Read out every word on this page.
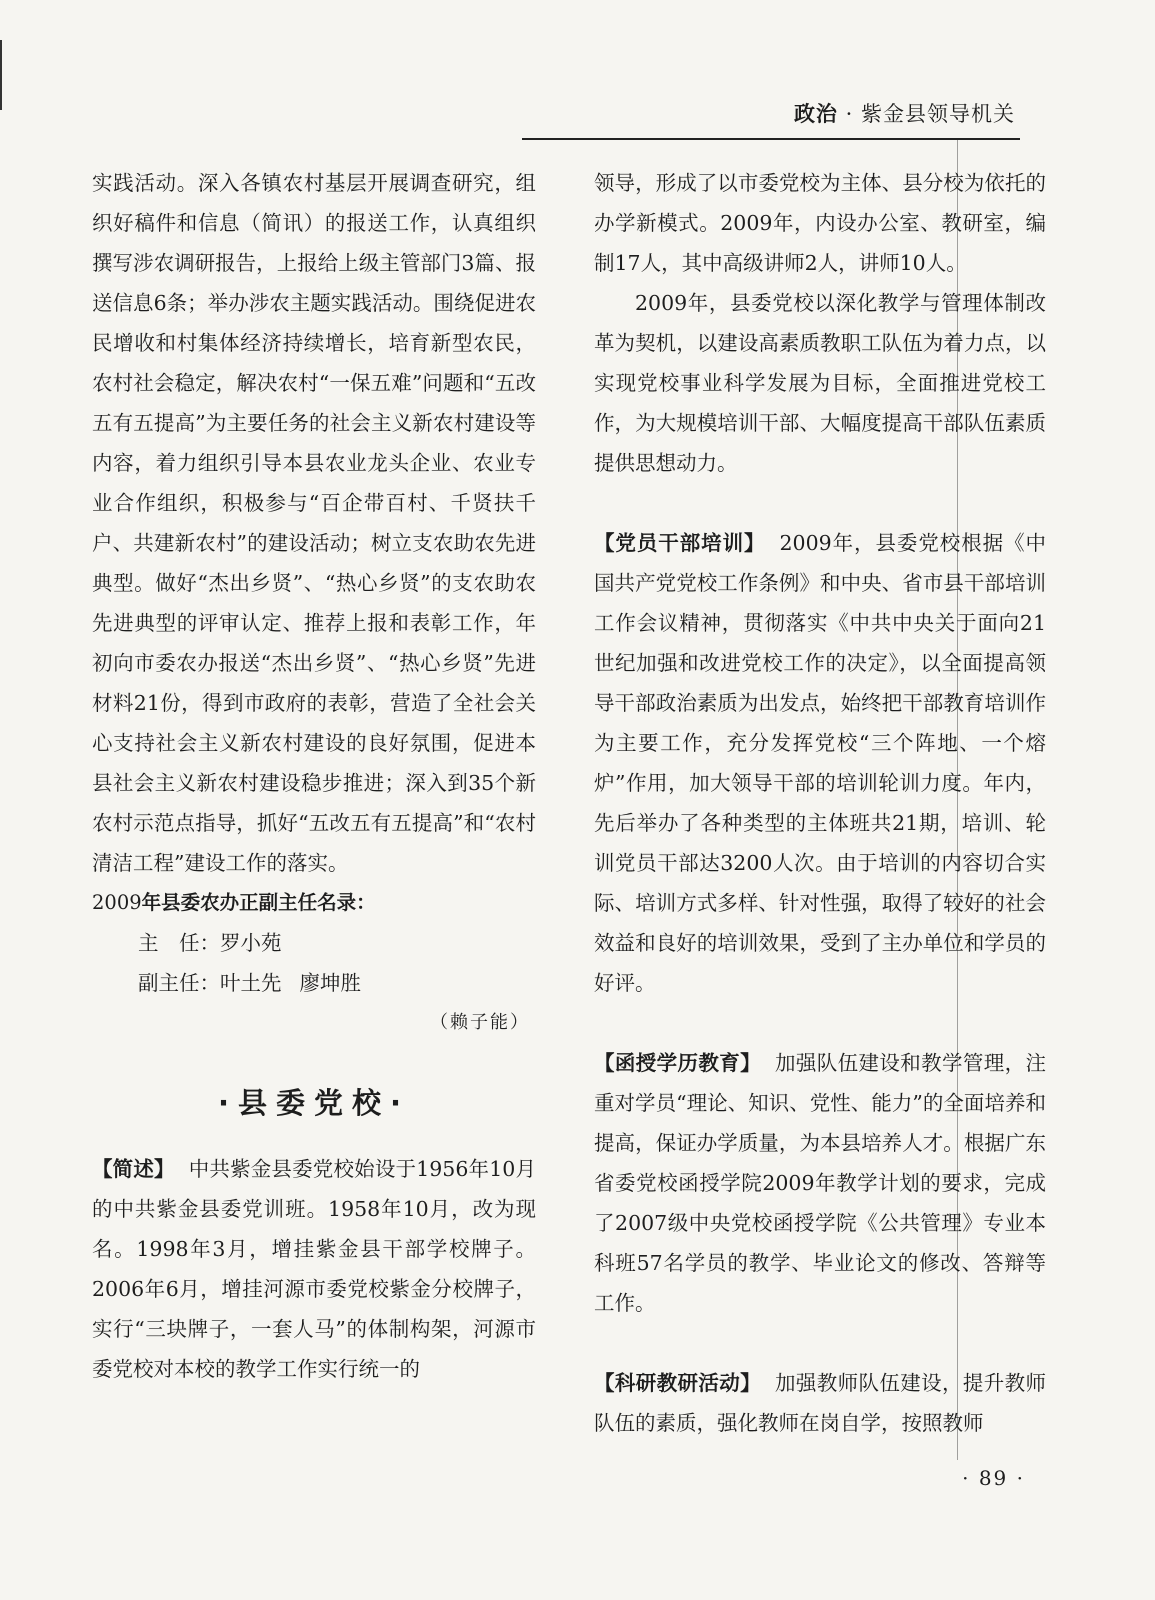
政治 · 紫金县领导机关

实践活动。深入各镇农村基层开展调查研究，组织好稿件和信息（简讯）的报送工作，认真组织撰写涉农调研报告，上报给上级主管部门3篇、报送信息6条；举办涉农主题实践活动。围绕促进农民增收和村集体经济持续增长，培育新型农民，农村社会稳定，解决农村“一保五难”问题和“五改五有五提高”为主要任务的社会主义新农村建设等内容，着力组织引导本县农业龙头企业、农业专业合作组织，积极参与“百企带百村、千贤扶千户、共建新农村”的建设活动；树立支农助农先进典型。做好“杰出乡贤”、“热心乡贤”的支农助农先进典型的评审认定、推荐上报和表彰工作，年初向市委农办报送“杰出乡贤”、“热心乡贤”先进材料21份，得到市政府的表彰，营造了全社会关心支持社会主义新农村建设的良好氛围，促进本县社会主义新农村建设稳步推进；深入到35个新农村示范点指导，抓好“五改五有五提高”和“农村清洁工程”建设工作的落实。

2009年县委农办正副主任名录：

主　任：罗小苑

副主任：叶土先 廖坤胜

（赖子能）

·县委党校·

【简述】 中共紫金县委党校始设于1956年10月的中共紫金县委党训班。1958年10月，改为现名。1998年3月，增挂紫金县干部学校牌子。2006年6月，增挂河源市委党校紫金分校牌子，实行“三块牌子，一套人马”的体制构架，河源市委党校对本校的教学工作实行统一的

领导，形成了以市委党校为主体、县分校为依托的办学新模式。2009年，内设办公室、教研室，编制17人，其中高级讲师2人，讲师10人。

2009年，县委党校以深化教学与管理体制改革为契机，以建设高素质教职工队伍为着力点，以实现党校事业科学发展为目标，全面推进党校工作，为大规模培训干部、大幅度提高干部队伍素质提供思想动力。

【党员干部培训】 2009年，县委党校根据《中国共产党党校工作条例》和中央、省市县干部培训工作会议精神，贯彻落实《中共中央关于面向21世纪加强和改进党校工作的决定》，以全面提高领导干部政治素质为出发点，始终把干部教育培训作为主要工作，充分发挥党校“三个阵地、一个熔炉”作用，加大领导干部的培训轮训力度。年内，先后举办了各种类型的主体班共21期，培训、轮训党员干部达3200人次。由于培训的内容切合实际、培训方式多样、针对性强，取得了较好的社会效益和良好的培训效果，受到了主办单位和学员的好评。

【函授学历教育】 加强队伍建设和教学管理，注重对学员“理论、知识、党性、能力”的全面培养和提高，保证办学质量，为本县培养人才。根据广东省委党校函授学院2009年教学计划的要求，完成了2007级中央党校函授学院《公共管理》专业本科班57名学员的教学、毕业论文的修改、答辩等工作。

【科研教研活动】 加强教师队伍建设，提升教师队伍的素质，强化教师在岗自学，按照教师

· 89 ·
